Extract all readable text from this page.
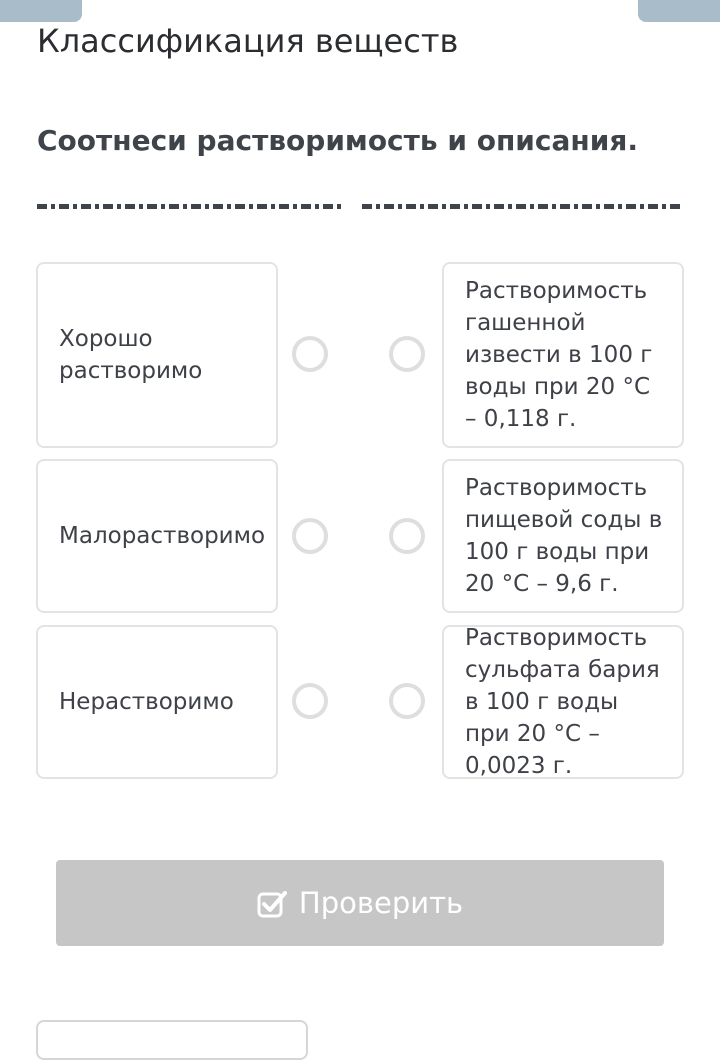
Классификация веществ
Соотнеси растворимость и описания.
Хорошо растворимо
Малорастворимо
Нерастворимо
Растворимость гашенной извести в 100 г воды при 20 °C – 0,118 г.
Растворимость пищевой соды в 100 г воды при 20 °C – 9,6 г.
Растворимость сульфата бария в 100 г воды при 20 °C – 0,0023 г.
Проверить
